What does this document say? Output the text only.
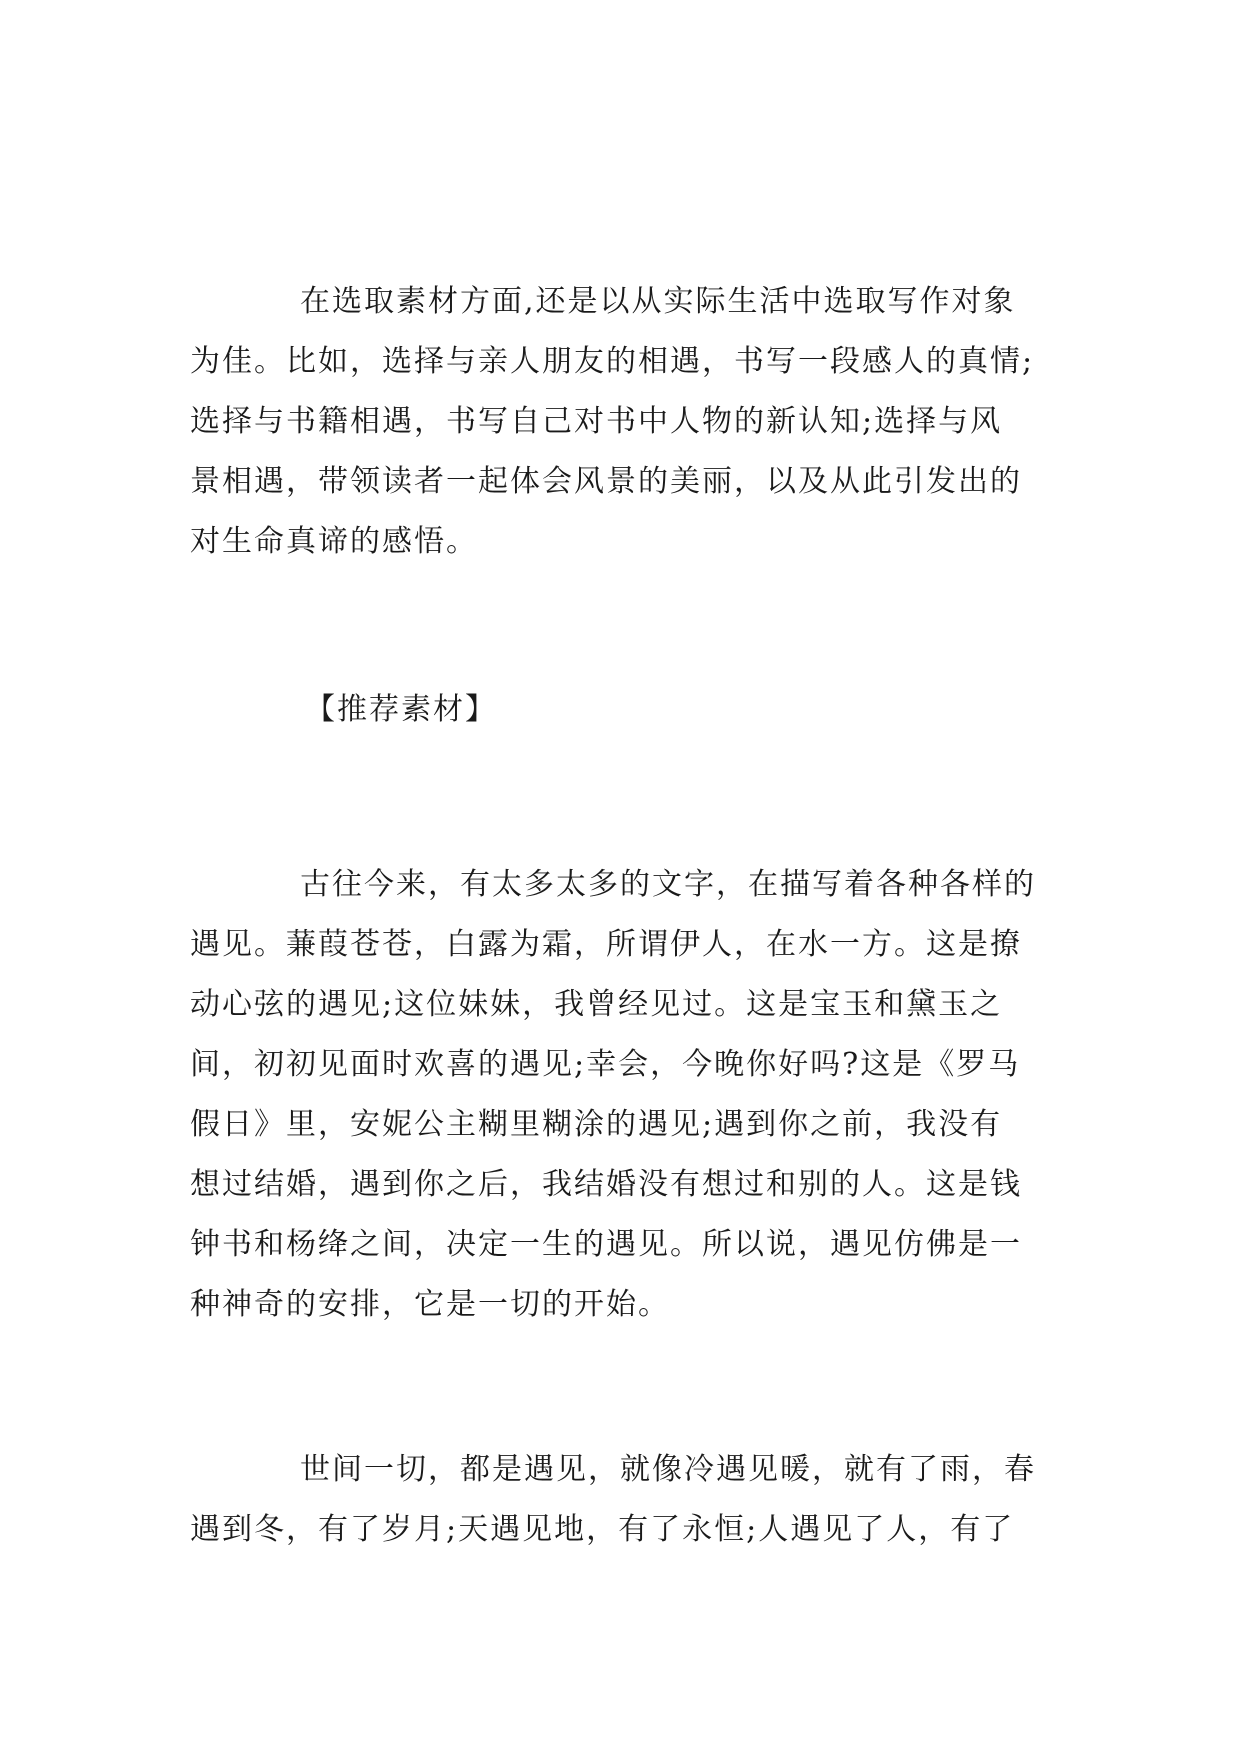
在选取素材方面,还是以从实际生活中选取写作对象
为佳。比如，选择与亲人朋友的相遇，书写一段感人的真情;
选择与书籍相遇，书写自己对书中人物的新认知;选择与风
景相遇，带领读者一起体会风景的美丽，以及从此引发出的
对生命真谛的感悟。
【推荐素材】
古往今来，有太多太多的文字，在描写着各种各样的
遇见。蒹葭苍苍，白露为霜，所谓伊人，在水一方。这是撩
动心弦的遇见;这位妹妹，我曾经见过。这是宝玉和黛玉之
间，初初见面时欢喜的遇见;幸会，今晚你好吗?这是《罗马
假日》里，安妮公主糊里糊涂的遇见;遇到你之前，我没有
想过结婚，遇到你之后，我结婚没有想过和别的人。这是钱
钟书和杨绛之间，决定一生的遇见。所以说，遇见仿佛是一
种神奇的安排，它是一切的开始。
世间一切，都是遇见，就像冷遇见暖，就有了雨，春
遇到冬，有了岁月;天遇见地，有了永恒;人遇见了人，有了
